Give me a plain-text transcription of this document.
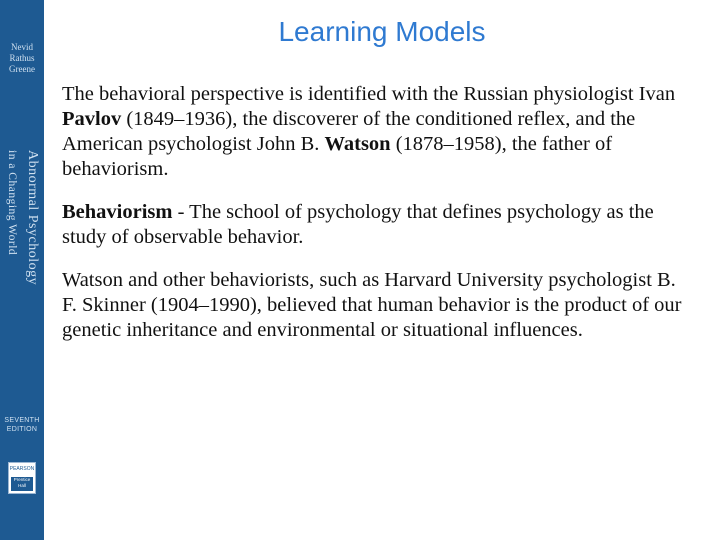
Nevid
Rathus
Greene
Abnormal Psychology
in a Changing World
SEVENTH
EDITION
PEARSON
Prentice Hall
Learning Models

The behavioral perspective is identified with the Russian physiologist Ivan Pavlov (1849–1936), the discoverer of the conditioned reflex, and the American psychologist John B. Watson (1878–1958), the father of behaviorism.

Behaviorism - The school of psychology that defines psychology as the study of observable behavior.

Watson and other behaviorists, such as Harvard University psychologist B. F. Skinner (1904–1990), believed that human behavior is the product of our genetic inheritance and environmental or situational influences.
